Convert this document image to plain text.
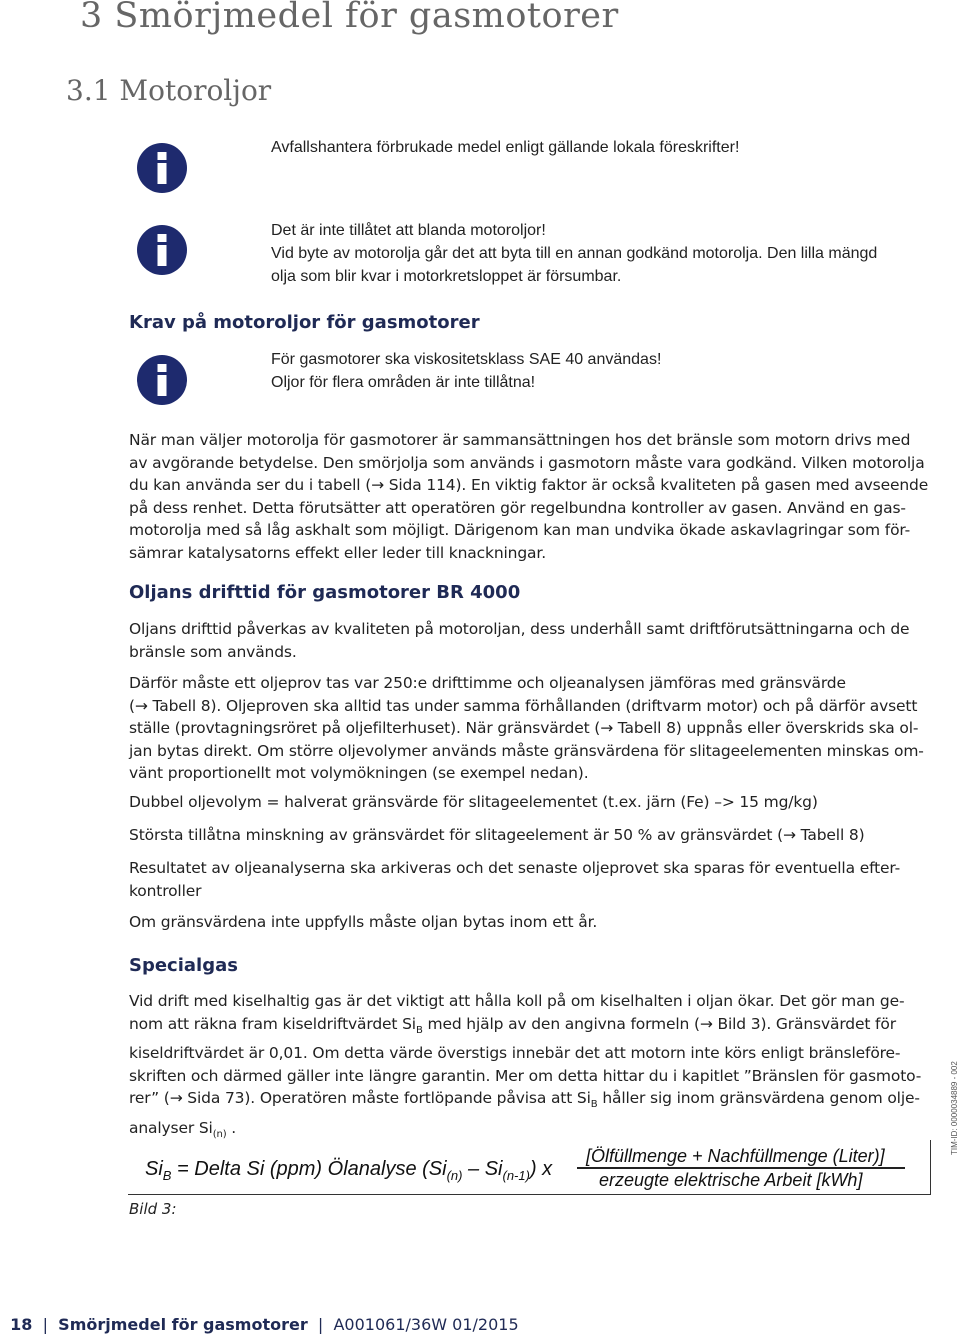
3 Smörjmedel för gasmotorer
3.1 Motoroljor
Avfallshantera förbrukade medel enligt gällande lokala föreskrifter!
Det är inte tillåtet att blanda motoroljor!
Vid byte av motorolja går det att byta till en annan godkänd motorolja. Den lilla mängd
olja som blir kvar i motorkretsloppet är försumbar.
Krav på motoroljor för gasmotorer
För gasmotorer ska viskositetsklass SAE 40 användas!
Oljor för flera områden är inte tillåtna!
När man väljer motorolja för gasmotorer är sammansättningen hos det bränsle som motorn drivs med
av avgörande betydelse. Den smörjolja som används i gasmotorn måste vara godkänd. Vilken motorolja
du kan använda ser du i tabell (→ Sida 114). En viktig faktor är också kvaliteten på gasen med avseende
på dess renhet. Detta förutsätter att operatören gör regelbundna kontroller av gasen. Använd en gas-
motorolja med så låg askhalt som möjligt. Därigenom kan man undvika ökade askavlagringar som för-
sämrar katalysatorns effekt eller leder till knackningar.
Oljans drifttid för gasmotorer BR 4000
Oljans drifttid påverkas av kvaliteten på motoroljan, dess underhåll samt driftförutsättningarna och de
bränsle som används.
Därför måste ett oljeprov tas var 250:e drifttimme och oljeanalysen jämföras med gränsvärde
(→ Tabell 8). Oljeproven ska alltid tas under samma förhållanden (driftvarm motor) och på därför avsett
ställe (provtagningsröret på oljefilterhuset). När gränsvärdet (→ Tabell 8) uppnås eller överskrids ska ol-
jan bytas direkt. Om större oljevolymer används måste gränsvärdena för slitageelementen minskas om-
vänt proportionellt mot volymökningen (se exempel nedan).
Dubbel oljevolym = halverat gränsvärde för slitageelementet (t.ex. järn (Fe) –> 15 mg/kg)
Största tillåtna minskning av gränsvärdet för slitageelement är 50 % av gränsvärdet (→ Tabell 8)
Resultatet av oljeanalyserna ska arkiveras och det senaste oljeprovet ska sparas för eventuella efter-
kontroller
Om gränsvärdena inte uppfylls måste oljan bytas inom ett år.
Specialgas
Vid drift med kiselhaltig gas är det viktigt att hålla koll på om kiselhalten i oljan ökar. Det gör man ge-
nom att räkna fram kiseldriftvärdet $Si_B$ med hjälp av den angivna formeln (→ Bild 3). Gränsvärdet för
kiseldriftvärdet är 0,01. Om detta värde överstigs innebär det att motorn inte körs enligt bränsleföre-
skriften och därmed gäller inte längre garantin. Mer om detta hittar du i kapitlet ”Bränslen för gasmoto-
rer” (→ Sida 73). Operatören måste fortlöpande påvisa att $Si_B$ håller sig inom gränsvärdena genom olje-
analyser $Si_{(n)}$ .
$Si_B$ = Delta Si (ppm) Ölanalyse $(Si_{(n)} - Si_{(n-1)})$ x
[Ölfüllmenge + Nachfüllmenge (Liter)]
erzeugte elektrische Arbeit [kWh]
Bild 3:
TIM-ID: 0000034889 - 002

18 | Smörjmedel för gasmotorer | A001061/36W 01/2015
